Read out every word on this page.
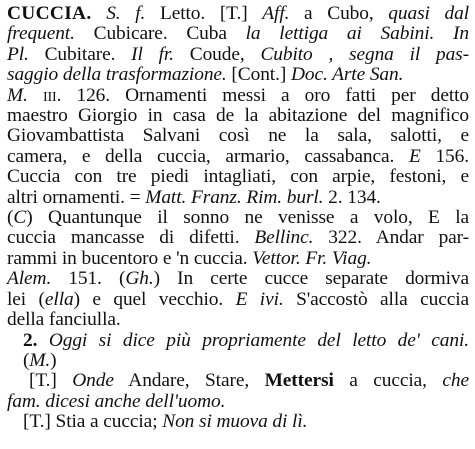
CUCCIA. S. f. Letto. [T.] Aff. a Cubo, quasi dal
frequent. Cubicare. Cuba la lettiga ai Sabini. In
Pl. Cubitare. Il fr. Coude, Cubito , segna il pas-
saggio della trasformazione. [Cont.] Doc. Arte San.
M. iii. 126. Ornamenti messi a oro fatti per detto
maestro Giorgio in casa de la abitazione del magnifico
Giovambattista Salvani così ne la sala, salotti, e
camera, e della cuccia, armario, cassabanca. E 156.
Cuccia con tre piedi intagliati, con arpie, festoni, e
altri ornamenti. = Matt. Franz. Rim. burl. 2. 134.
(C) Quantunque il sonno ne venisse a volo, E la
cuccia mancasse di difetti. Bellinc. 322. Andar par-
rammi in bucentoro e 'n cuccia. Vettor. Fr. Viag.
Alem. 151. (Gh.) In certe cucce separate dormiva
lei (ella) e quel vecchio. E ivi. S'accostò alla cuccia
della fanciulla.
2. Oggi si dice più propriamente del letto de' cani.
(M.)
[T.] Onde Andare, Stare, Mettersi a cuccia, che
fam. dicesi anche dell'uomo.
[T.] Stia a cuccia; Non si muova di lì.
